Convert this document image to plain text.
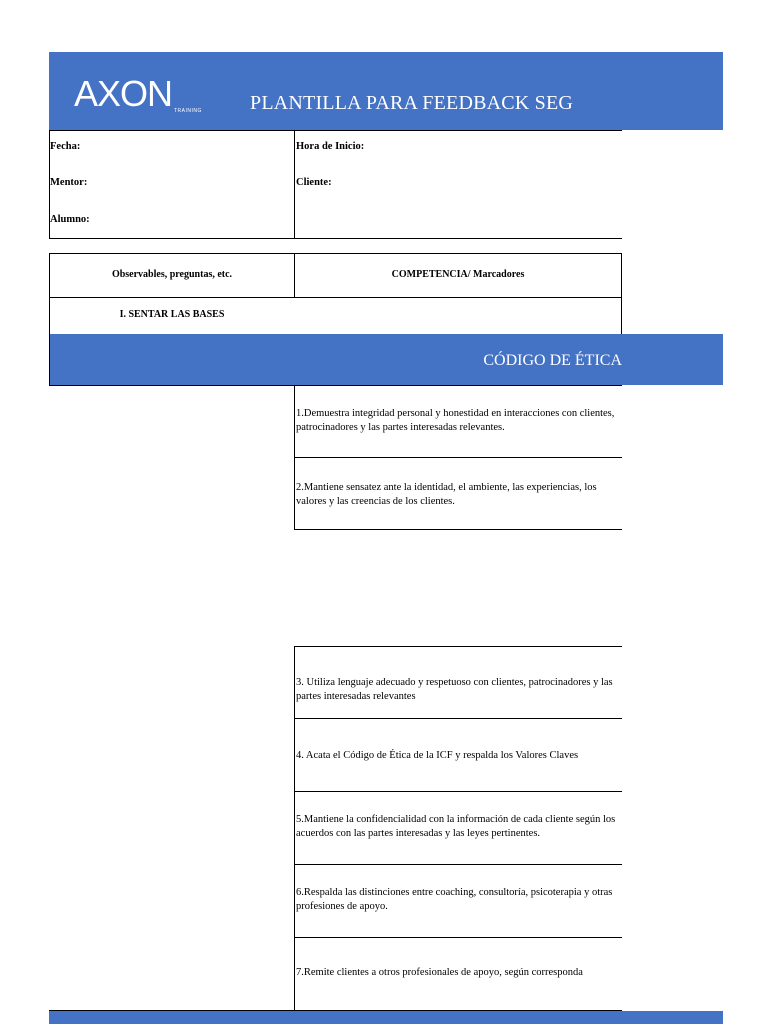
AXON TRAINING PLANTILLA PARA FEEDBACK SEG
Fecha:
Mentor:
Alumno:
Hora de Inicio:
Cliente:
Observables, preguntas, etc.	COMPETENCIA/ Marcadores
I. SENTAR LAS BASES
CÓDIGO DE ÉTICA
1.Demuestra integridad personal y honestidad en interacciones con clientes, patrocinadores y las partes interesadas relevantes.
2.Mantiene sensatez ante la identidad, el ambiente, las experiencias, los valores y las creencias de los clientes.
3. Utiliza lenguaje adecuado y respetuoso con clientes, patrocinadores y las partes interesadas relevantes
4. Acata el Código de Ética de la ICF y respalda los Valores Claves
5.Mantiene la confidencialidad con la información de cada cliente según los acuerdos con las partes interesadas y las leyes pertinentes.
6.Respalda las distinciones entre coaching, consultoría, psicoterapia y otras profesiones de apoyo.
7.Remite clientes a otros profesionales de apoyo, según corresponda
